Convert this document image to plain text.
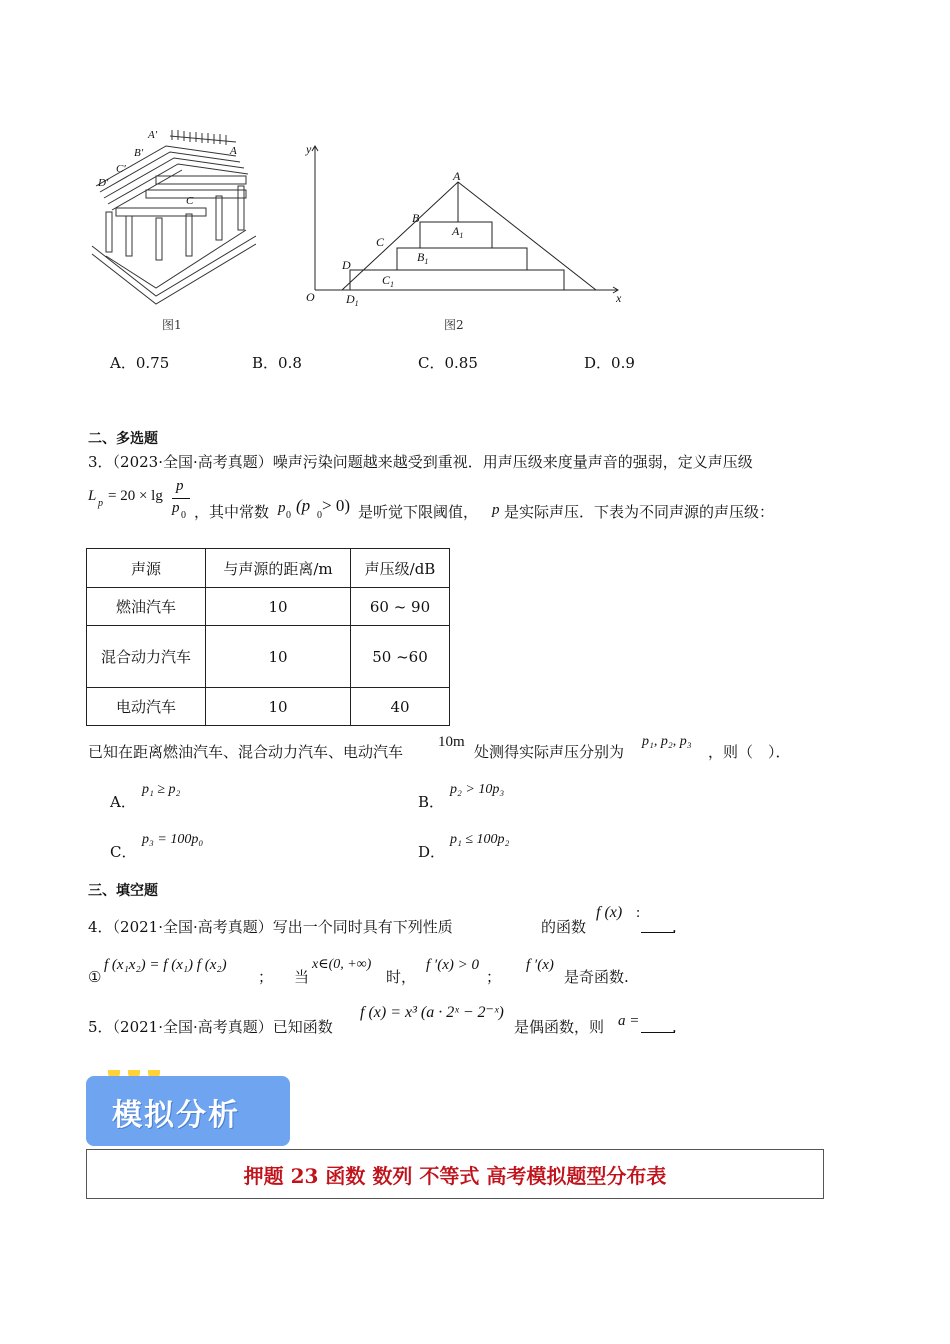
A′
B′
C′
D′
A
C
图1
y
x
O
A
B
C
D
$A_1$
$B_1$
$C_1$
$D_1$
图2
A．0.75	B．0.8	C．0.85	D．0.9
二、多选题
3．（2023·全国·高考真题）噪声污染问题越来越受到重视．用声压级来度量声音的强弱，定义声压级
L p = 20 × lg
p
p 0 ，其中常数 p 0
(p
0
> 0) 是听觉下限阈值， p 是实际声压．下表为不同声源的声压级：
声源	与声源的距离/m	声压级/dB
燃油汽车	10	60 ~ 90
混合动力汽车	10	50 ~60
电动汽车	10	40
已知在距离燃油汽车、混合动力汽车、电动汽车
10m
处测得实际声压分别为
p₁, p₂, p₃
，则（　）．
A．
p₁ ≥ p₂
B．
p₂ > 10p₃
C．
p₃ = 100p₀
D．
p₁ ≤ 100p₂
三、填空题
4．（2021·全国·高考真题）写出一个同时具有下列性质	的函数
f (x) :
.
①
f (x₁x₂) = f (x₁) f (x₂)
； 当
x∈(0, +∞)
时，
f ′(x) > 0
；
f ′(x)
是奇函数.
5．（2021·全国·高考真题）已知函数
f (x) = x³ (a · 2ˣ − 2⁻ˣ)
是偶函数，则 a = .
模拟分析
押题 23 函数 数列 不等式 高考模拟题型分布表
